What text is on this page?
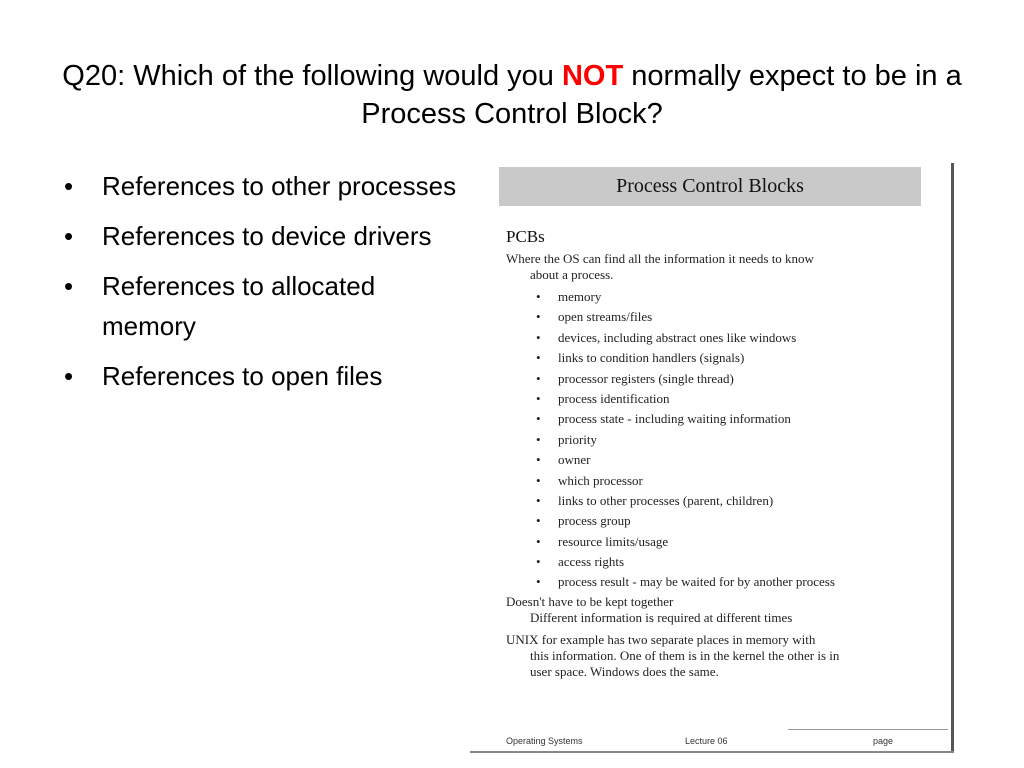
Q20: Which of the following would you NOT normally expect to be in a Process Control Block?
• References to other processes
• References to device drivers
• References to allocated memory
• References to open files
Process Control Blocks
PCBs
Where the OS can find all the information it needs to know
about a process.
• memory
• open streams/files
• devices, including abstract ones like windows
• links to condition handlers (signals)
• processor registers (single thread)
• process identification
• process state - including waiting information
• priority
• owner
• which processor
• links to other processes (parent, children)
• process group
• resource limits/usage
• access rights
• process result - may be waited for by another process
Doesn't have to be kept together
Different information is required at different times
UNIX for example has two separate places in memory with
this information. One of them is in the kernel the other is in
user space. Windows does the same.
Operating Systems	Lecture 06	page
